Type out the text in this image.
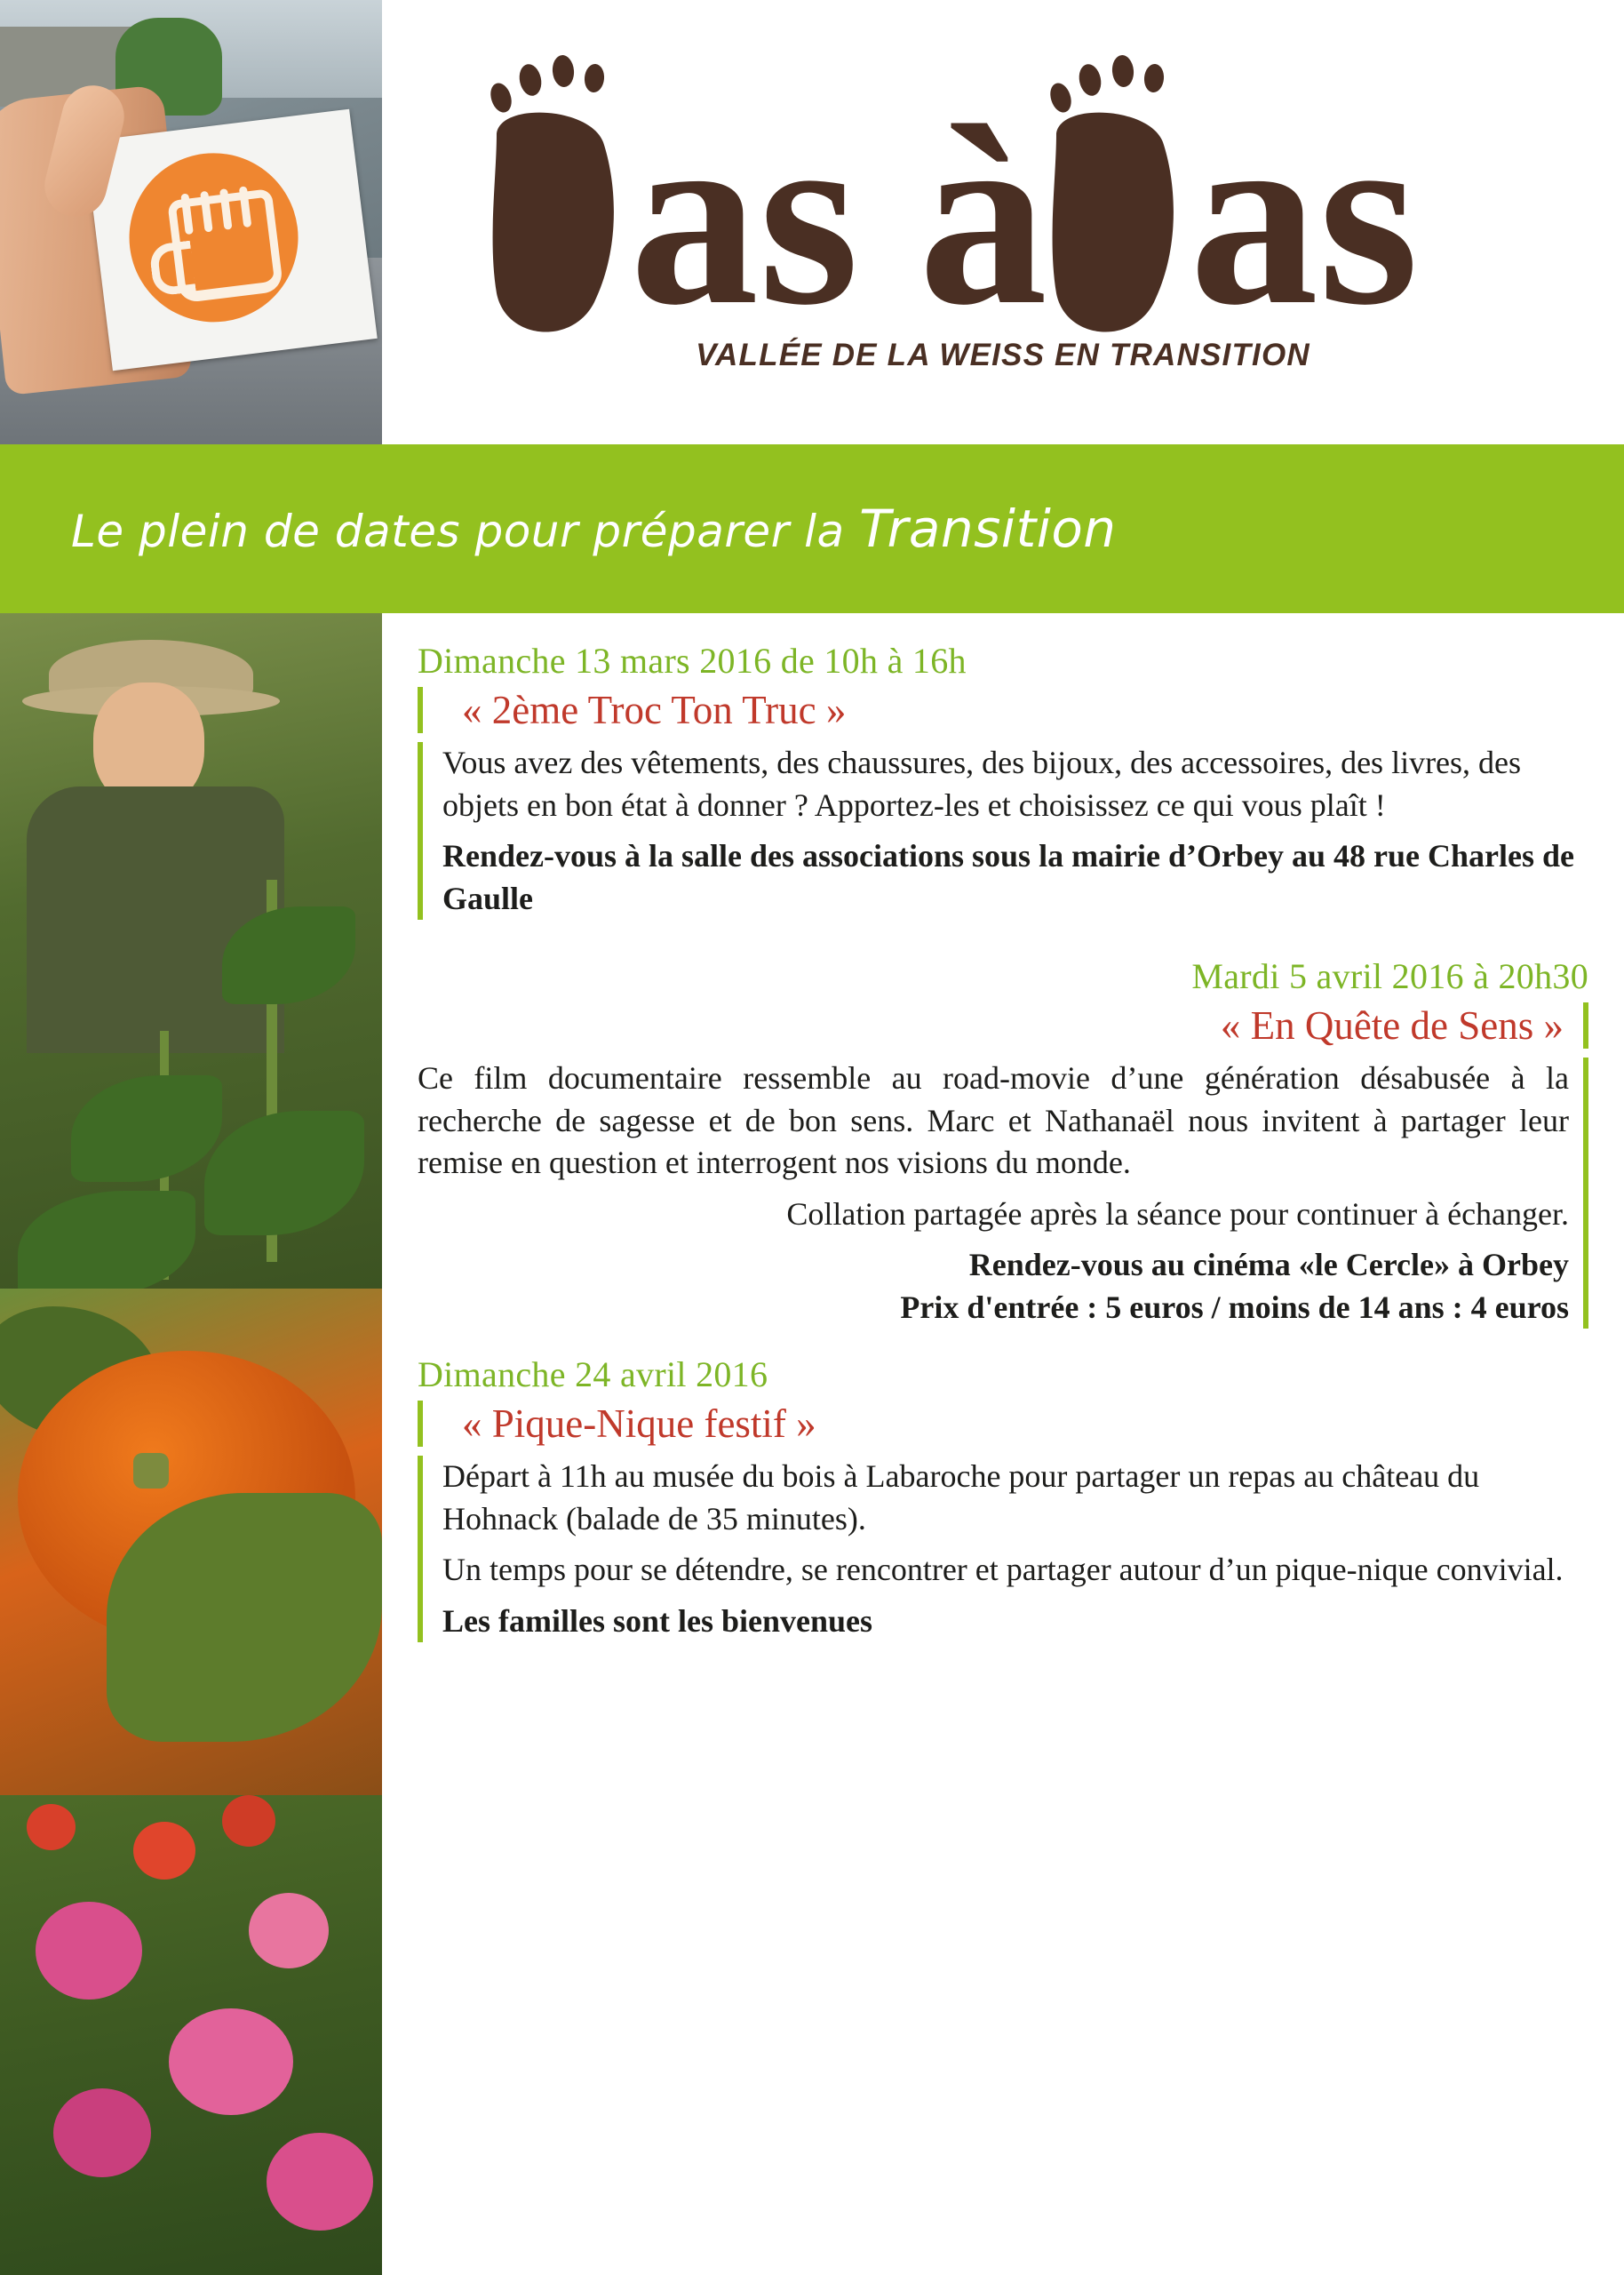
as à as
VALLÉE DE LA WEISS EN TRANSITION
Le plein de dates pour préparer la Transition
Dimanche 13 mars 2016 de 10h à 16h
« 2ème Troc Ton Truc »

Vous avez des vêtements, des chaussures, des bijoux, des accessoires, des livres, des objets en bon état à donner ? Apportez-les et choisissez ce qui vous plaît !

Rendez-vous à la salle des associations sous la mairie d’Orbey au 48 rue Charles de Gaulle

Mardi 5 avril 2016 à 20h30
« En Quête de Sens »

Ce film documentaire ressemble au road-movie d’une génération désabusée à la recherche de sagesse et de bon sens. Marc et Nathanaël nous invitent à partager leur remise en question et interrogent nos visions du monde.

Collation partagée après la séance pour continuer à échanger.

Rendez-vous au cinéma «le Cercle» à Orbey

Prix d'entrée : 5 euros / moins de 14 ans : 4 euros

Dimanche 24 avril 2016
« Pique-Nique festif »

Départ à 11h au musée du bois à Labaroche pour partager un repas au château du Hohnack (balade de 35 minutes).

Un temps pour se détendre, se rencontrer et partager autour d’un pique-nique convivial.

Les familles sont les bienvenues
